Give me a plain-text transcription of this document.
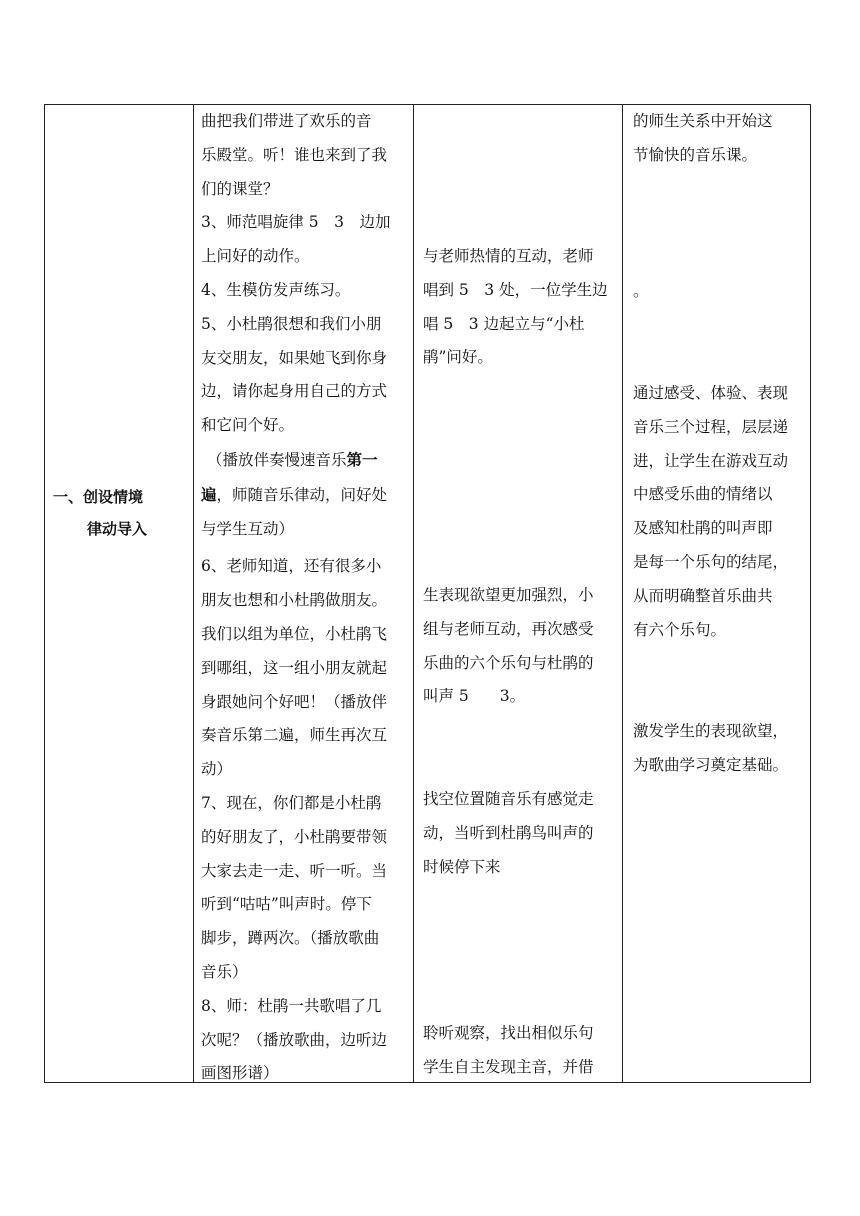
一、创设情境
律动导入
曲把我们带进了欢乐的音
乐殿堂。听！谁也来到了我
们的课堂？
3、师范唱旋律 5　3　边加
上问好的动作。
4、生模仿发声练习。
5、小杜鹃很想和我们小朋
友交朋友，如果她飞到你身
边，请你起身用自己的方式
和它问个好。
（播放伴奏慢速音乐第一
遍，师随音乐律动，问好处
与学生互动）
6、老师知道，还有很多小
朋友也想和小杜鹃做朋友。
我们以组为单位，小杜鹃飞
到哪组，这一组小朋友就起
身跟她问个好吧！（播放伴
奏音乐第二遍，师生再次互
动）
7、现在，你们都是小杜鹃
的好朋友了，小杜鹃要带领
大家去走一走、听一听。当
听到“咕咕”叫声时。停下
脚步，蹲两次。（播放歌曲
音乐）
8、师：杜鹃一共歌唱了几
次呢？（播放歌曲，边听边
画图形谱）
与老师热情的互动，老师
唱到 5　3 处，一位学生边
唱 5　3 边起立与“小杜
鹃”问好。
生表现欲望更加强烈，小
组与老师互动，再次感受
乐曲的六个乐句与杜鹃的
叫声 5　　3。
找空位置随音乐有感觉走
动，当听到杜鹃鸟叫声的
时候停下来
聆听观察，找出相似乐句
学生自主发现主音，并借
的师生关系中开始这
节愉快的音乐课。
。
通过感受、体验、表现
音乐三个过程，层层递
进，让学生在游戏互动
中感受乐曲的情绪以
及感知杜鹃的叫声即
是每一个乐句的结尾，
从而明确整首乐曲共
有六个乐句。
激发学生的表现欲望，
为歌曲学习奠定基础。
